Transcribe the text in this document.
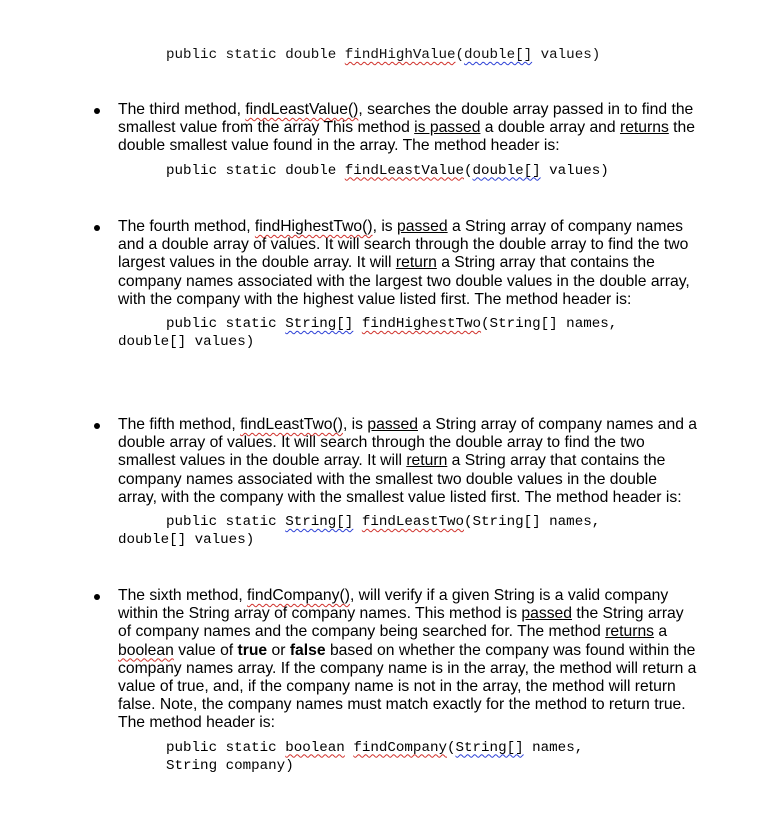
public static double findHighValue(double[] values)
The third method, findLeastValue(), searches the double array passed in to find the smallest value from the array This method is passed a double array and returns the double smallest value found in the array. The method header is:
public static double findLeastValue(double[] values)
The fourth method, findHighestTwo(), is passed a String array of company names and a double array of values. It will search through the double array to find the two largest values in the double array. It will return a String array that contains the company names associated with the largest two double values in the double array, with the company with the highest value listed first. The method header is:
public static String[] findHighestTwo(String[] names,
double[] values)
The fifth method, findLeastTwo(), is passed a String array of company names and a double array of values. It will search through the double array to find the two smallest values in the double array. It will return a String array that contains the company names associated with the smallest two double values in the double array, with the company with the smallest value listed first. The method header is:
public static String[] findLeastTwo(String[] names,
double[] values)
The sixth method, findCompany(), will verify if a given String is a valid company within the String array of company names. This method is passed the String array of company names and the company being searched for. The method returns a boolean value of true or false based on whether the company was found within the company names array. If the company name is in the array, the method will return a value of true, and, if the company name is not in the array, the method will return false. Note, the company names must match exactly for the method to return true. The method header is:
public static boolean findCompany(String[] names,
String company)
